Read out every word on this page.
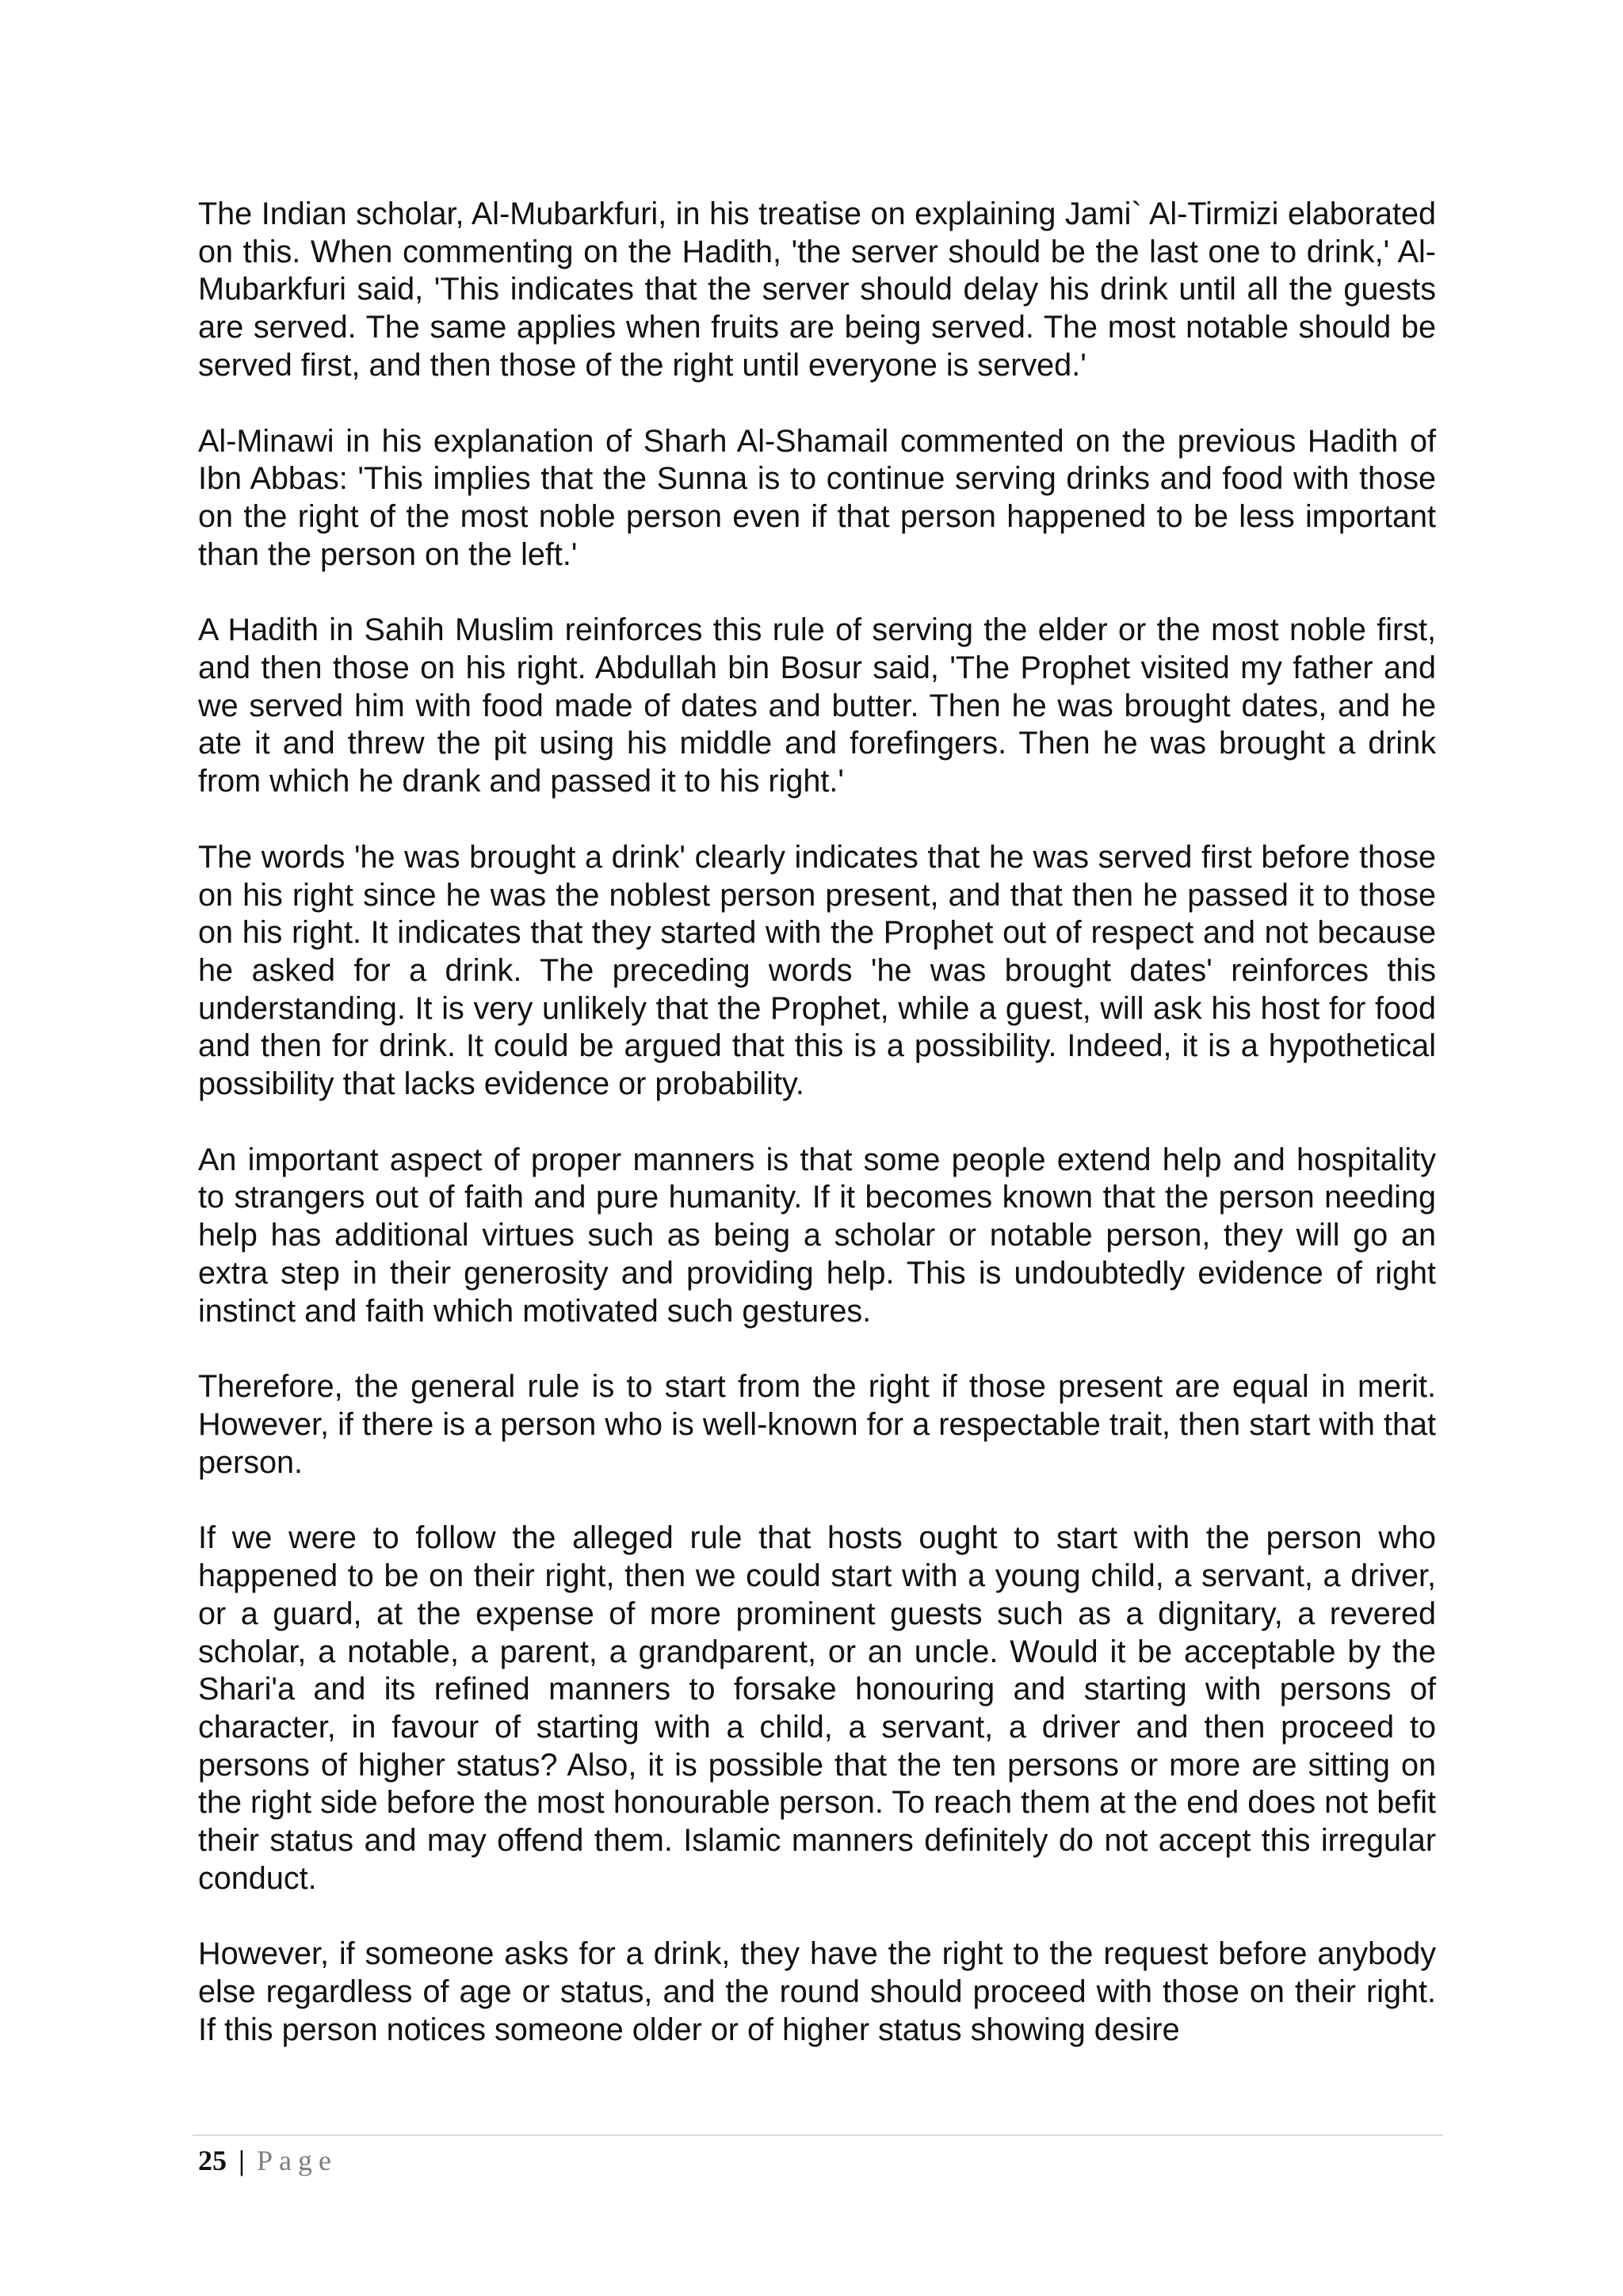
The Indian scholar, Al-Mubarkfuri, in his treatise on explaining Jami` Al-Tirmizi elaborated on this. When commenting on the Hadith, 'the server should be the last one to drink,' Al-Mubarkfuri said, 'This indicates that the server should delay his drink until all the guests are served. The same applies when fruits are being served. The most notable should be served first, and then those of the right until everyone is served.'

Al-Minawi in his explanation of Sharh Al-Shamail commented on the previous Hadith of Ibn Abbas: 'This implies that the Sunna is to continue serving drinks and food with those on the right of the most noble person even if that person happened to be less important than the person on the left.'

A Hadith in Sahih Muslim reinforces this rule of serving the elder or the most noble first, and then those on his right. Abdullah bin Bosur said, 'The Prophet visited my father and we served him with food made of dates and butter. Then he was brought dates, and he ate it and threw the pit using his middle and forefingers. Then he was brought a drink from which he drank and passed it to his right.'

The words 'he was brought a drink' clearly indicates that he was served first before those on his right since he was the noblest person present, and that then he passed it to those on his right. It indicates that they started with the Prophet out of respect and not because he asked for a drink. The preceding words 'he was brought dates' reinforces this understanding. It is very unlikely that the Prophet, while a guest, will ask his host for food and then for drink. It could be argued that this is a possibility. Indeed, it is a hypothetical possibility that lacks evidence or probability.

An important aspect of proper manners is that some people extend help and hospitality to strangers out of faith and pure humanity. If it becomes known that the person needing help has additional virtues such as being a scholar or notable person, they will go an extra step in their generosity and providing help. This is undoubtedly evidence of right instinct and faith which motivated such gestures.

Therefore, the general rule is to start from the right if those present are equal in merit. However, if there is a person who is well-known for a respectable trait, then start with that person.

If we were to follow the alleged rule that hosts ought to start with the person who happened to be on their right, then we could start with a young child, a servant, a driver, or a guard, at the expense of more prominent guests such as a dignitary, a revered scholar, a notable, a parent, a grandparent, or an uncle. Would it be acceptable by the Shari'a and its refined manners to forsake honouring and starting with persons of character, in favour of starting with a child, a servant, a driver and then proceed to persons of higher status? Also, it is possible that the ten persons or more are sitting on the right side before the most honourable person. To reach them at the end does not befit their status and may offend them. Islamic manners definitely do not accept this irregular conduct.

However, if someone asks for a drink, they have the right to the request before anybody else regardless of age or status, and the round should proceed with those on their right. If this person notices someone older or of higher status showing desire

25 | Page
